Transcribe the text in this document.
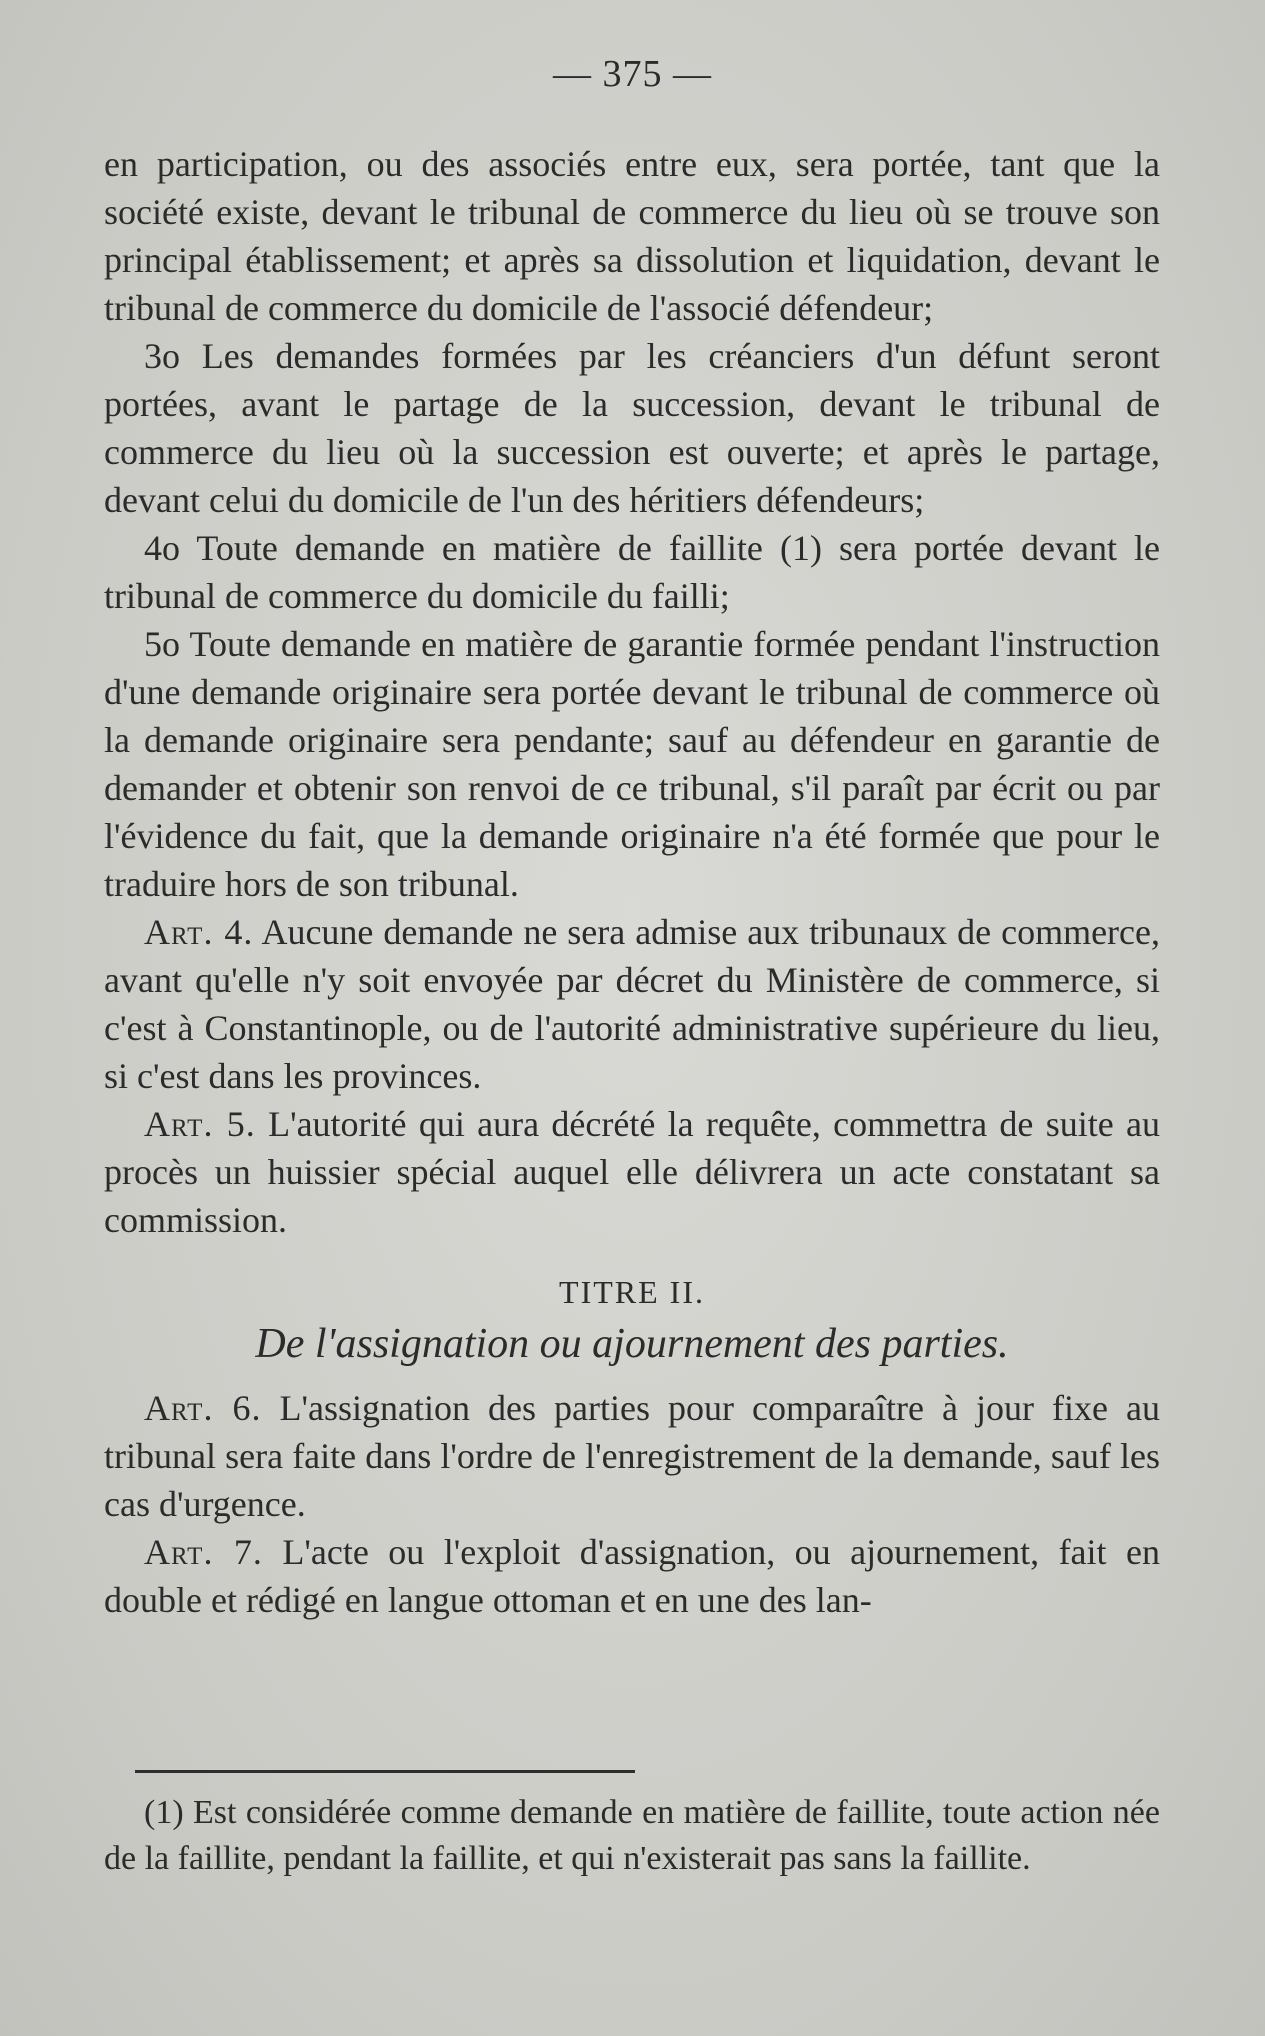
— 375 —

en participation, ou des associés entre eux, sera portée, tant que la société existe, devant le tribunal de commerce du lieu où se trouve son principal établissement; et après sa dissolution et liquidation, devant le tribunal de commerce du domicile de l'associé défendeur;

3o Les demandes formées par les créanciers d'un défunt seront portées, avant le partage de la succession, devant le tribunal de commerce du lieu où la succession est ouverte; et après le partage, devant celui du domicile de l'un des héritiers défendeurs;

4o Toute demande en matière de faillite (1) sera portée devant le tribunal de commerce du domicile du failli;

5o Toute demande en matière de garantie formée pendant l'instruction d'une demande originaire sera portée devant le tribunal de commerce où la demande originaire sera pendante; sauf au défendeur en garantie de demander et obtenir son renvoi de ce tribunal, s'il paraît par écrit ou par l'évidence du fait, que la demande originaire n'a été formée que pour le traduire hors de son tribunal.

Art. 4. Aucune demande ne sera admise aux tribunaux de commerce, avant qu'elle n'y soit envoyée par décret du Ministère de commerce, si c'est à Constantinople, ou de l'autorité administrative supérieure du lieu, si c'est dans les provinces.

Art. 5. L'autorité qui aura décrété la requête, commettra de suite au procès un huissier spécial auquel elle délivrera un acte constatant sa commission.

TITRE II.
De l'assignation ou ajournement des parties.

Art. 6. L'assignation des parties pour comparaître à jour fixe au tribunal sera faite dans l'ordre de l'enregistrement de la demande, sauf les cas d'urgence.

Art. 7. L'acte ou l'exploit d'assignation, ou ajournement, fait en double et rédigé en langue ottoman et en une des lan-

(1) Est considérée comme demande en matière de faillite, toute action née de la faillite, pendant la faillite, et qui n'existerait pas sans la faillite.
